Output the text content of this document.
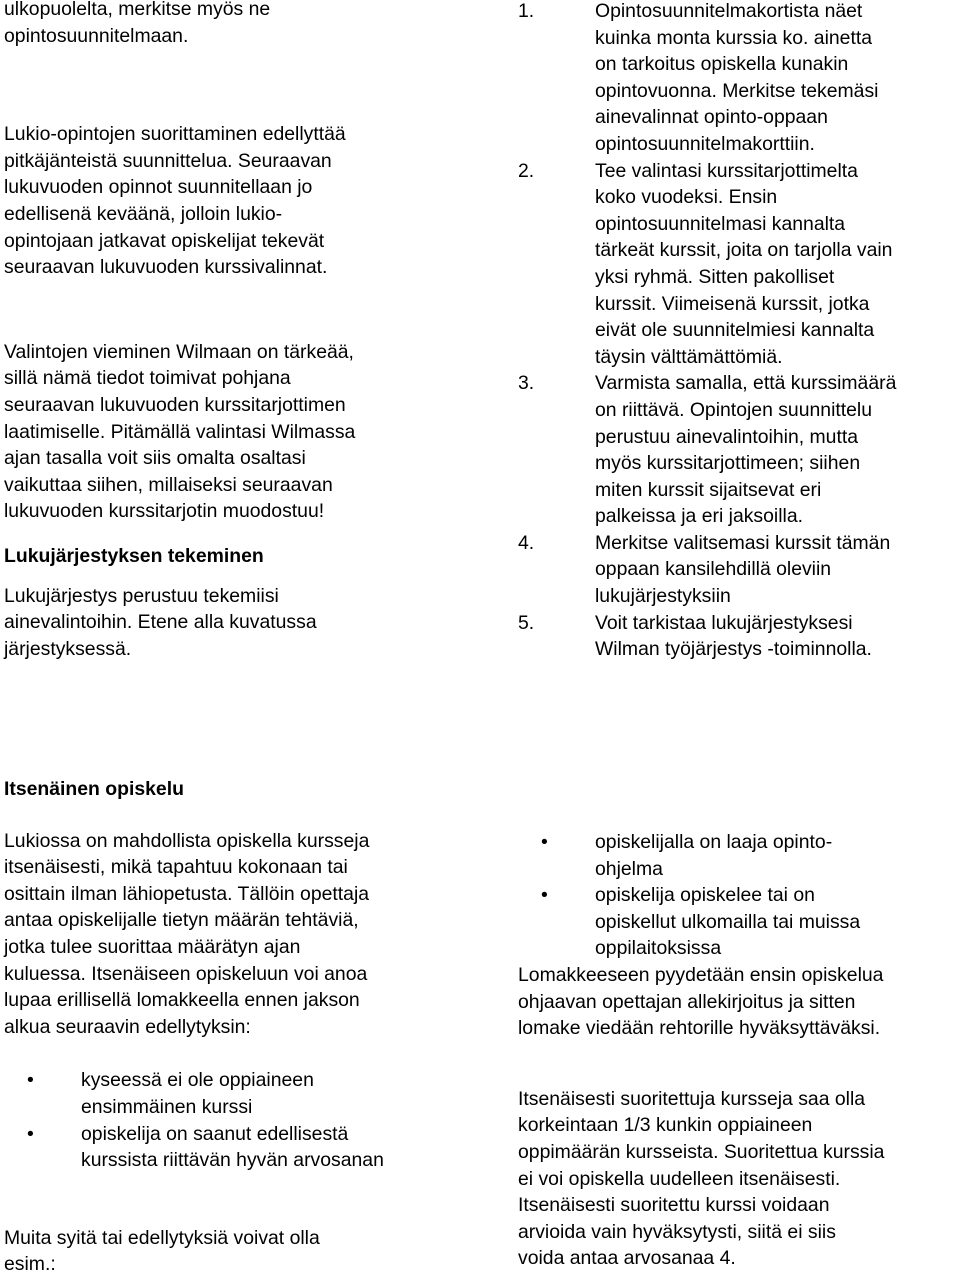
ulkopuolelta, merkitse myös ne
opintosuunnitelmaan.

Lukio-opintojen suorittaminen edellyttää
pitkäjänteistä suunnittelua. Seuraavan
lukuvuoden opinnot suunnitellaan jo
edellisenä keväänä, jolloin lukio-
opintojaan jatkavat opiskelijat tekevät
seuraavan lukuvuoden kurssivalinnat.

Valintojen vieminen Wilmaan on tärkeää,
sillä nämä tiedot toimivat pohjana
seuraavan lukuvuoden kurssitarjottimen
laatimiselle. Pitämällä valintasi Wilmassa
ajan tasalla voit siis omalta osaltasi
vaikuttaa siihen, millaiseksi seuraavan
lukuvuoden kurssitarjotin muodostuu!

Lukujärjestyksen tekeminen

Lukujärjestys perustuu tekemiisi
ainevalintoihin. Etene alla kuvatussa
järjestyksessä.

1.	Opintosuunnitelmakortista näet
kuinka monta kurssia ko. ainetta
on tarkoitus opiskella kunakin
opintovuonna. Merkitse tekemäsi
ainevalinnat opinto-oppaan
opintosuunnitelmakorttiin.
2.	Tee valintasi kurssitarjottimelta
koko vuodeksi. Ensin
opintosuunnitelmasi kannalta
tärkeät kurssit, joita on tarjolla vain
yksi ryhmä. Sitten pakolliset
kurssit. Viimeisenä kurssit, jotka
eivät ole suunnitelmiesi kannalta
täysin välttämättömiä.
3.	Varmista samalla, että kurssimäärä
on riittävä. Opintojen suunnittelu
perustuu ainevalintoihin, mutta
myös kurssitarjottimeen; siihen
miten kurssit sijaitsevat eri
palkeissa ja eri jaksoilla.
4.	Merkitse valitsemasi kurssit tämän
oppaan kansilehdillä oleviin
lukujärjestyksiin
5.	Voit tarkistaa lukujärjestyksesi
Wilman työjärjestys -toiminnolla.
Itsenäinen opiskelu

Lukiossa on mahdollista opiskella kursseja
itsenäisesti, mikä tapahtuu kokonaan tai
osittain ilman lähiopetusta. Tällöin opettaja
antaa opiskelijalle tietyn määrän tehtäviä,
jotka tulee suorittaa määrätyn ajan
kuluessa. Itsenäiseen opiskeluun voi anoa
lupaa erillisellä lomakkeella ennen jakson
alkua seuraavin edellytyksin:

• kyseessä ei ole oppiaineen
ensimmäinen kurssi
• opiskelija on saanut edellisestä
kurssista riittävän hyvän arvosanan

Muita syitä tai edellytyksiä voivat olla
esim.:

• opiskelijalla on laaja opinto-
ohjelma
• opiskelija opiskelee tai on
opiskellut ulkomailla tai muissa
oppilaitoksissa

Lomakkeeseen pyydetään ensin opiskelua
ohjaavan opettajan allekirjoitus ja sitten
lomake viedään rehtorille hyväksyttäväksi.

Itsenäisesti suoritettuja kursseja saa olla
korkeintaan 1/3 kunkin oppiaineen
oppimäärän kursseista. Suoritettua kurssia
ei voi opiskella uudelleen itsenäisesti.
Itsenäisesti suoritettu kurssi voidaan
arvioida vain hyväksytysti, siitä ei siis
voida antaa arvosanaa 4.
